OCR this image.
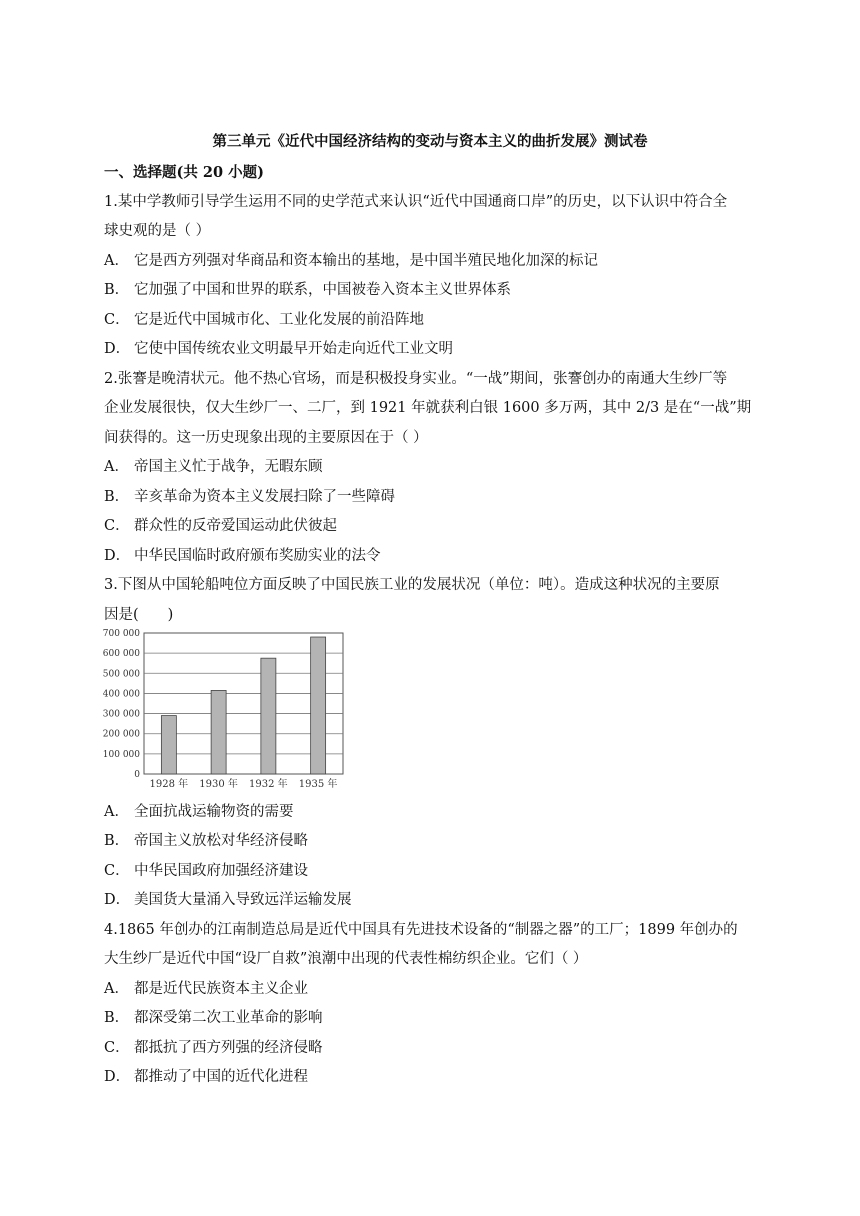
第三单元《近代中国经济结构的变动与资本主义的曲折发展》测试卷
一、选择题(共 20 小题)
1.某中学教师引导学生运用不同的史学范式来认识“近代中国通商口岸”的历史，以下认识中符合全
球史观的是（ ）
A． 它是西方列强对华商品和资本输出的基地，是中国半殖民地化加深的标记
B． 它加强了中国和世界的联系，中国被卷入资本主义世界体系
C． 它是近代中国城市化、工业化发展的前沿阵地
D． 它使中国传统农业文明最早开始走向近代工业文明
2.张謇是晚清状元。他不热心官场，而是积极投身实业。“一战”期间，张謇创办的南通大生纱厂等
企业发展很快，仅大生纱厂一、二厂，到 1921 年就获利白银 1600 多万两，其中 2/3 是在“一战”期
间获得的。这一历史现象出现的主要原因在于（ ）
A． 帝国主义忙于战争，无暇东顾
B． 辛亥革命为资本主义发展扫除了一些障碍
C． 群众性的反帝爱国运动此伏彼起
D． 中华民国临时政府颁布奖励实业的法令
3.下图从中国轮船吨位方面反映了中国民族工业的发展状况（单位：吨）。造成这种状况的主要原
因是(　　)
0
100 000
200 000
300 000
400 000
500 000
600 000
700 000
1928 年 1930 年 1932 年 1935 年
A． 全面抗战运输物资的需要
B． 帝国主义放松对华经济侵略
C． 中华民国政府加强经济建设
D． 美国货大量涌入导致远洋运输发展
4.1865 年创办的江南制造总局是近代中国具有先进技术设备的“制器之器”的工厂；1899 年创办的
大生纱厂是近代中国“设厂自救”浪潮中出现的代表性棉纺织企业。它们（ ）
A． 都是近代民族资本主义企业
B． 都深受第二次工业革命的影响
C． 都抵抗了西方列强的经济侵略
D． 都推动了中国的近代化进程
